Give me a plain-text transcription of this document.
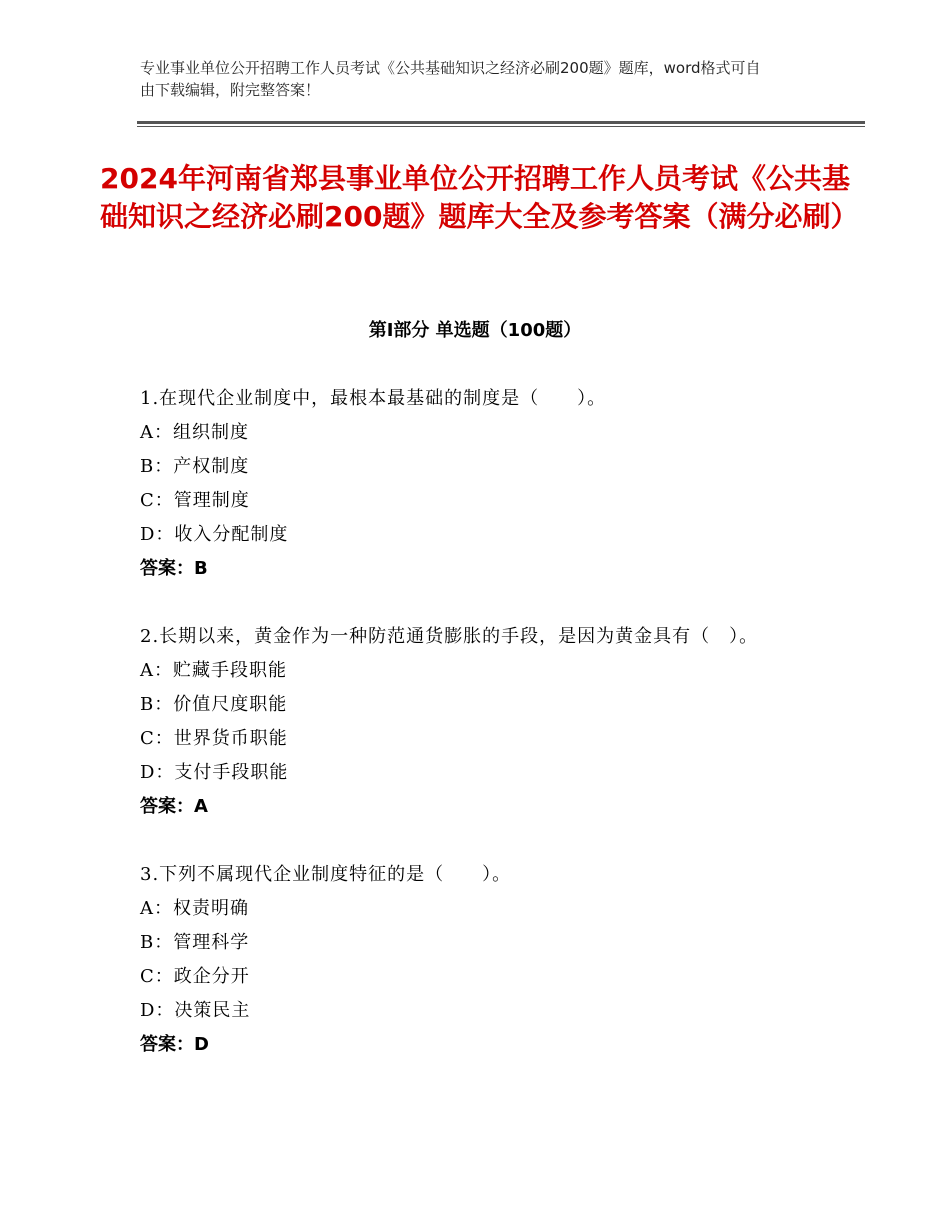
专业事业单位公开招聘工作人员考试《公共基础知识之经济必刷200题》题库，word格式可自由下载编辑，附完整答案！
2024年河南省郑县事业单位公开招聘工作人员考试《公共基础知识之经济必刷200题》题库大全及参考答案（满分必刷）
第I部分 单选题（100题）
1.在现代企业制度中，最根本最基础的制度是（　　）。
A：组织制度
B：产权制度
C：管理制度
D：收入分配制度
答案：B
2.长期以来，黄金作为一种防范通货膨胀的手段，是因为黄金具有（　）。
A：贮藏手段职能
B：价值尺度职能
C：世界货币职能
D：支付手段职能
答案：A
3.下列不属现代企业制度特征的是（　　）。
A：权责明确
B：管理科学
C：政企分开
D：决策民主
答案：D
